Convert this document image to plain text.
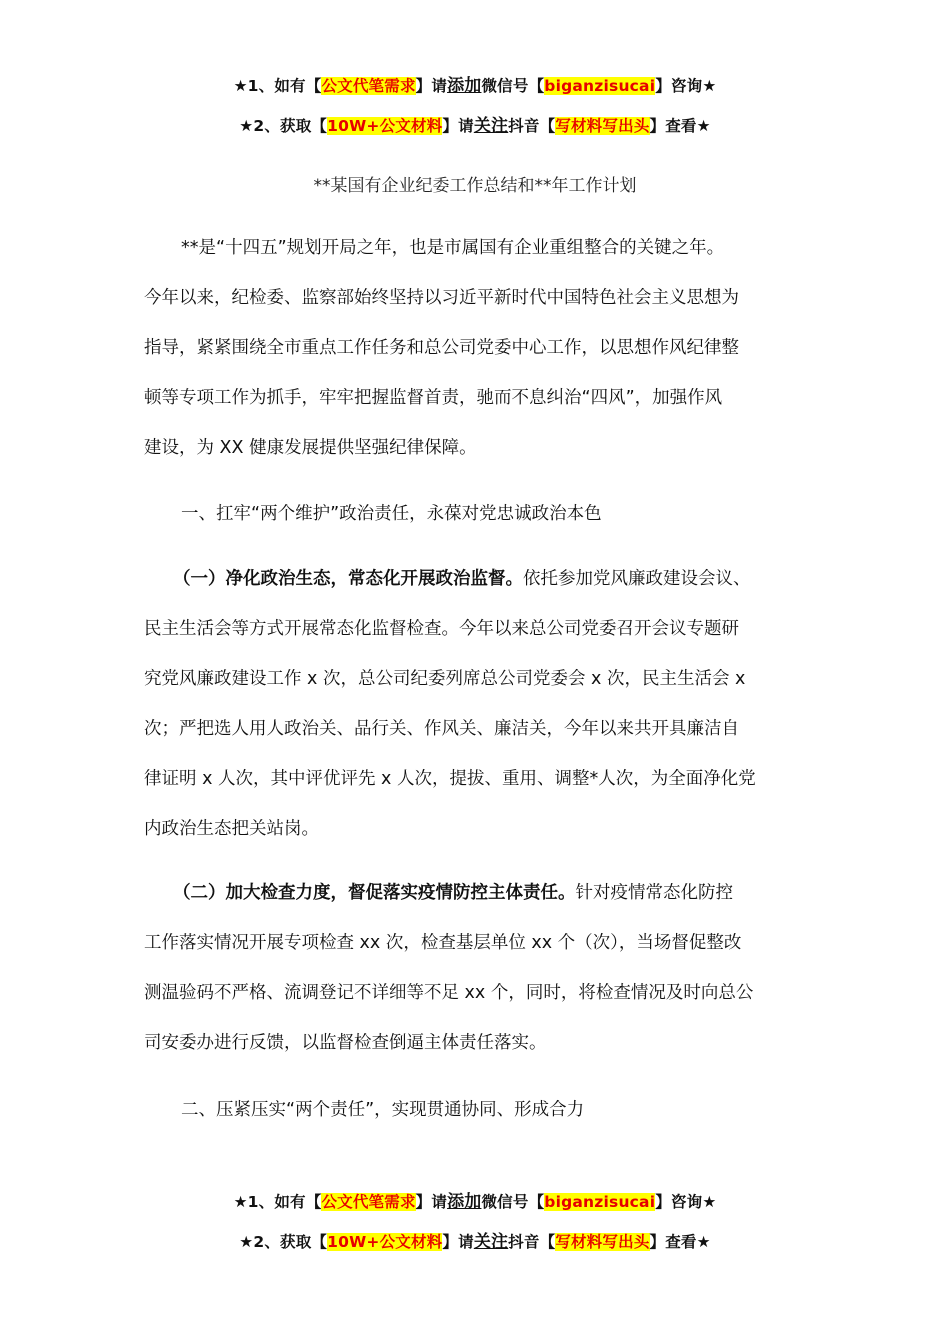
★1、如有【公文代笔需求】请添加微信号【biganzisucai】咨询★
★2、获取【10W+公文材料】请关注抖音【写材料写出头】查看★
**某国有企业纪委工作总结和**年工作计划
**是“十四五”规划开局之年，也是市属国有企业重组整合的关键之年。
今年以来，纪检委、监察部始终坚持以习近平新时代中国特色社会主义思想为
指导，紧紧围绕全市重点工作任务和总公司党委中心工作，以思想作风纪律整
顿等专项工作为抓手，牢牢把握监督首责，驰而不息纠治“四风”，加强作风
建设，为 XX 健康发展提供坚强纪律保障。
一、扛牢“两个维护”政治责任，永葆对党忠诚政治本色
（一）净化政治生态，常态化开展政治监督。依托参加党风廉政建设会议、
民主生活会等方式开展常态化监督检查。今年以来总公司党委召开会议专题研
究党风廉政建设工作 x 次，总公司纪委列席总公司党委会 x 次，民主生活会 x
次；严把选人用人政治关、品行关、作风关、廉洁关，今年以来共开具廉洁自
律证明 x 人次，其中评优评先 x 人次，提拔、重用、调整*人次，为全面净化党
内政治生态把关站岗。
（二）加大检查力度，督促落实疫情防控主体责任。针对疫情常态化防控
工作落实情况开展专项检查 xx 次，检查基层单位 xx 个（次），当场督促整改
测温验码不严格、流调登记不详细等不足 xx 个，同时，将检查情况及时向总公
司安委办进行反馈，以监督检查倒逼主体责任落实。
二、压紧压实“两个责任”，实现贯通协同、形成合力
★1、如有【公文代笔需求】请添加微信号【biganzisucai】咨询★
★2、获取【10W+公文材料】请关注抖音【写材料写出头】查看★
